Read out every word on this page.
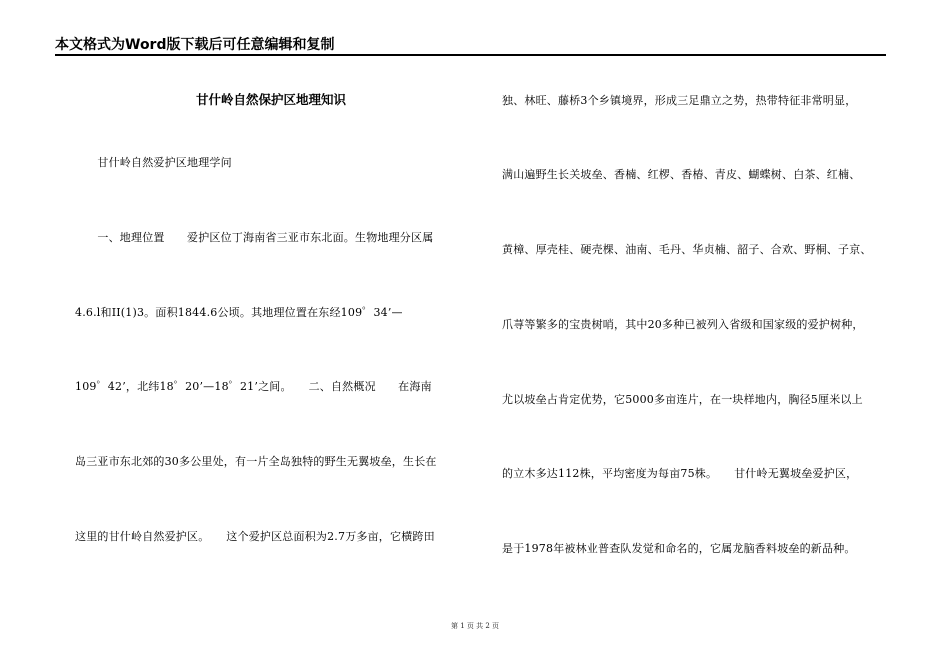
本文格式为Word版下载后可任意编辑和复制
甘什岭自然保护区地理知识
　　甘什岭自然爱护区地理学问
　　一、地理位置　　爱护区位丁海南省三亚市东北面。生物地理分区属
4.6.l和II(1)3。面积1844.6公顷。其地理位置在东经109゜34’—
109゜42’，北纬18゜20’—18゜21’之间。　　二、自然概况　　在海南
岛三亚市东北郊的30多公里处，有一片全岛独特的野生无翼坡垒，生长在
这里的甘什岭自然爱护区。　　这个爱护区总面积为2.7万多亩，它横跨田
独、林旺、藤桥3个乡镇境界，形成三足鼎立之势，热带特征非常明显，
满山遍野生长关坡垒、香楠、红椤、香椿、青皮、蝴蝶树、白茶、红楠、
黄樟、厚壳桂、硬壳棵、油南、毛丹、华贞楠、韶子、合欢、野桐、子京、
爪荨等繁多的宝贵树哨，其中20多种已被列入省级和国家级的爱护树种，
尤以坡垒占肯定优势，它5000多亩连片，在一块样地内，胸径5厘米以上
的立木多达112株，平均密度为每亩75株。　　甘什岭无翼坡垒爱护区，
是于1978年被林业普查队发觉和命名的，它属龙脑香料坡垒的新品种。
第 1 页 共 2 页
